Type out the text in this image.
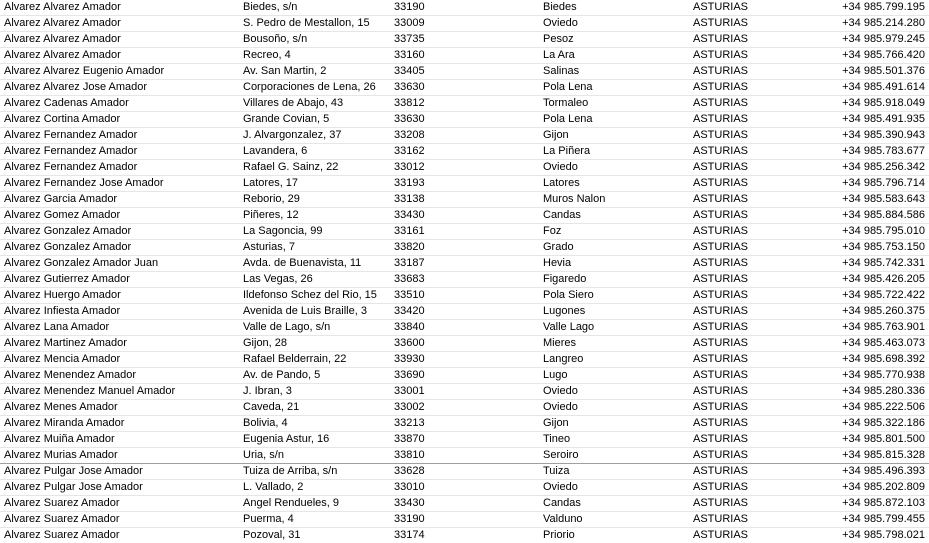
Alvarez Alvarez Amador	Biedes, s/n	33190	Biedes	ASTURIAS	+34 985.799.195
Alvarez Alvarez Amador	S. Pedro de Mestallon, 15	33009	Oviedo	ASTURIAS	+34 985.214.280
Alvarez Alvarez Amador	Bousoño, s/n	33735	Pesoz	ASTURIAS	+34 985.979.245
Alvarez Alvarez Amador	Recreo, 4	33160	La Ara	ASTURIAS	+34 985.766.420
Alvarez Alvarez Eugenio Amador	Av. San Martin, 2	33405	Salinas	ASTURIAS	+34 985.501.376
Alvarez Alvarez Jose Amador	Corporaciones de Lena, 26	33630	Pola Lena	ASTURIAS	+34 985.491.614
Alvarez Cadenas Amador	Villares de Abajo, 43	33812	Tormaleo	ASTURIAS	+34 985.918.049
Alvarez Cortina Amador	Grande Covian, 5	33630	Pola Lena	ASTURIAS	+34 985.491.935
Alvarez Fernandez Amador	J. Alvargonzalez, 37	33208	Gijon	ASTURIAS	+34 985.390.943
Alvarez Fernandez Amador	Lavandera, 6	33162	La Piñera	ASTURIAS	+34 985.783.677
Alvarez Fernandez Amador	Rafael G. Sainz, 22	33012	Oviedo	ASTURIAS	+34 985.256.342
Alvarez Fernandez Jose Amador	Latores, 17	33193	Latores	ASTURIAS	+34 985.796.714
Alvarez Garcia Amador	Reborio, 29	33138	Muros Nalon	ASTURIAS	+34 985.583.643
Alvarez Gomez Amador	Piñeres, 12	33430	Candas	ASTURIAS	+34 985.884.586
Alvarez Gonzalez Amador	La Sagoncia, 99	33161	Foz	ASTURIAS	+34 985.795.010
Alvarez Gonzalez Amador	Asturias, 7	33820	Grado	ASTURIAS	+34 985.753.150
Alvarez Gonzalez Amador Juan	Avda. de Buenavista, 11	33187	Hevia	ASTURIAS	+34 985.742.331
Alvarez Gutierrez Amador	Las Vegas, 26	33683	Figaredo	ASTURIAS	+34 985.426.205
Alvarez Huergo Amador	Ildefonso Schez del Rio, 15	33510	Pola Siero	ASTURIAS	+34 985.722.422
Alvarez Infiesta Amador	Avenida de Luis Braille, 3	33420	Lugones	ASTURIAS	+34 985.260.375
Alvarez Lana Amador	Valle de Lago, s/n	33840	Valle Lago	ASTURIAS	+34 985.763.901
Alvarez Martinez Amador	Gijon, 28	33600	Mieres	ASTURIAS	+34 985.463.073
Alvarez Mencia Amador	Rafael Belderrain, 22	33930	Langreo	ASTURIAS	+34 985.698.392
Alvarez Menendez Amador	Av. de Pando, 5	33690	Lugo	ASTURIAS	+34 985.770.938
Alvarez Menendez Manuel Amador	J. Ibran, 3	33001	Oviedo	ASTURIAS	+34 985.280.336
Alvarez Menes Amador	Caveda, 21	33002	Oviedo	ASTURIAS	+34 985.222.506
Alvarez Miranda Amador	Bolivia, 4	33213	Gijon	ASTURIAS	+34 985.322.186
Alvarez Muiña Amador	Eugenia Astur, 16	33870	Tineo	ASTURIAS	+34 985.801.500
Alvarez Murias Amador	Uria, s/n	33810	Seroiro	ASTURIAS	+34 985.815.328
Alvarez Pulgar Jose Amador	Tuiza de Arriba, s/n	33628	Tuiza	ASTURIAS	+34 985.496.393
Alvarez Pulgar Jose Amador	L. Vallado, 2	33010	Oviedo	ASTURIAS	+34 985.202.809
Alvarez Suarez Amador	Angel Rendueles, 9	33430	Candas	ASTURIAS	+34 985.872.103
Alvarez Suarez Amador	Puerma, 4	33190	Valduno	ASTURIAS	+34 985.799.455
Alvarez Suarez Amador	Pozoval, 31	33174	Priorio	ASTURIAS	+34 985.798.021
